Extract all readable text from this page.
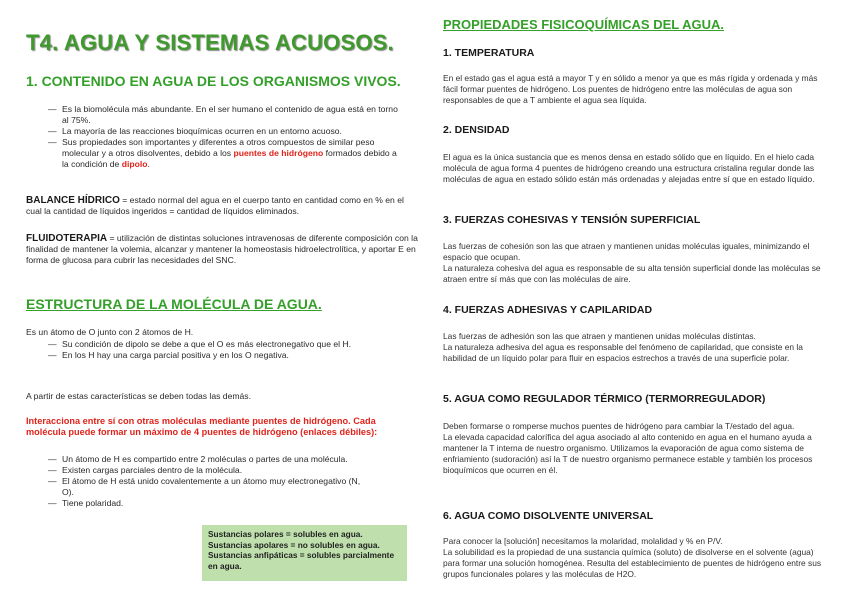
T4. AGUA Y SISTEMAS ACUOSOS.
1. CONTENIDO EN AGUA DE LOS ORGANISMOS VIVOS.
— Es la biomolécula más abundante. En el ser humano el contenido de agua está en torno al 75%.
— La mayoría de las reacciones bioquímicas ocurren en un entorno acuoso.
— Sus propiedades son importantes y diferentes a otros compuestos de similar peso molecular y a otros disolventes, debido a los puentes de hidrógeno formados debido a la condición de dipolo.

BALANCE HÍDRICO = estado normal del agua en el cuerpo tanto en cantidad como en % en el cual la cantidad de líquidos ingeridos = cantidad de líquidos eliminados.

FLUIDOTERAPIA = utilización de distintas soluciones intravenosas de diferente composición con la finalidad de mantener la volemia, alcanzar y mantener la homeostasis hidroelectrolítica, y aportar E en forma de glucosa para cubrir las necesidades del SNC.

ESTRUCTURA DE LA MOLÉCULA DE AGUA.

Es un átomo de O junto con 2 átomos de H.

— Su condición de dipolo se debe a que el O es más electronegativo que el H.
— En los H hay una carga parcial positiva y en los O negativa.

A partir de estas características se deben todas las demás.

Interacciona entre sí con otras moléculas mediante puentes de hidrógeno. Cada molécula puede formar un máximo de 4 puentes de hidrógeno (enlaces débiles):

— Un átomo de H es compartido entre 2 moléculas o partes de una molécula.
— Existen cargas parciales dentro de la molécula.
— El átomo de H está unido covalentemente a un átomo muy electronegativo (N, O).
— Tiene polaridad.
Sustancias polares = solubles en agua.
Sustancias apolares = no solubles en agua.
Sustancias anfipáticas = solubles parcialmente en agua.
PROPIEDADES FISICOQUÍMICAS DEL AGUA.
1. TEMPERATURA
En el estado gas el agua está a mayor T y en sólido a menor ya que es más rígida y ordenada y más fácil formar puentes de hidrógeno. Los puentes de hidrógeno entre las moléculas de agua son responsables de que a T ambiente el agua sea líquida.
2. DENSIDAD
El agua es la única sustancia que es menos densa en estado sólido que en líquido. En el hielo cada molécula de agua forma 4 puentes de hidrógeno creando una estructura cristalina regular donde las moléculas de agua en estado sólido están más ordenadas y alejadas entre sí que en estado líquido.
3. FUERZAS COHESIVAS Y TENSIÓN SUPERFICIAL
Las fuerzas de cohesión son las que atraen y mantienen unidas moléculas iguales, minimizando el espacio que ocupan.
La naturaleza cohesiva del agua es responsable de su alta tensión superficial donde las moléculas se atraen entre sí más que con las moléculas de aire.
4. FUERZAS ADHESIVAS Y CAPILARIDAD
Las fuerzas de adhesión son las que atraen y mantienen unidas moléculas distintas.
La naturaleza adhesiva del agua es responsable del fenómeno de capilaridad, que consiste en la habilidad de un líquido polar para fluir en espacios estrechos a través de una superficie polar.
5. AGUA COMO REGULADOR TÉRMICO (TERMORREGULADOR)
Deben formarse o romperse muchos puentes de hidrógeno para cambiar la T/estado del agua.
La elevada capacidad calorífica del agua asociado al alto contenido en agua en el humano ayuda a mantener la T interna de nuestro organismo. Utilizamos la evaporación de agua como sistema de enfriamiento (sudoración) así la T de nuestro organismo permanece estable y también los procesos bioquímicos que ocurren en él.
6. AGUA COMO DISOLVENTE UNIVERSAL
Para conocer la [solución] necesitamos la molaridad, molalidad y % en P/V.
La solubilidad es la propiedad de una sustancia química (soluto) de disolverse en el solvente (agua) para formar una solución homogénea. Resulta del establecimiento de puentes de hidrógeno entre sus grupos funcionales polares y las moléculas de H2O.
